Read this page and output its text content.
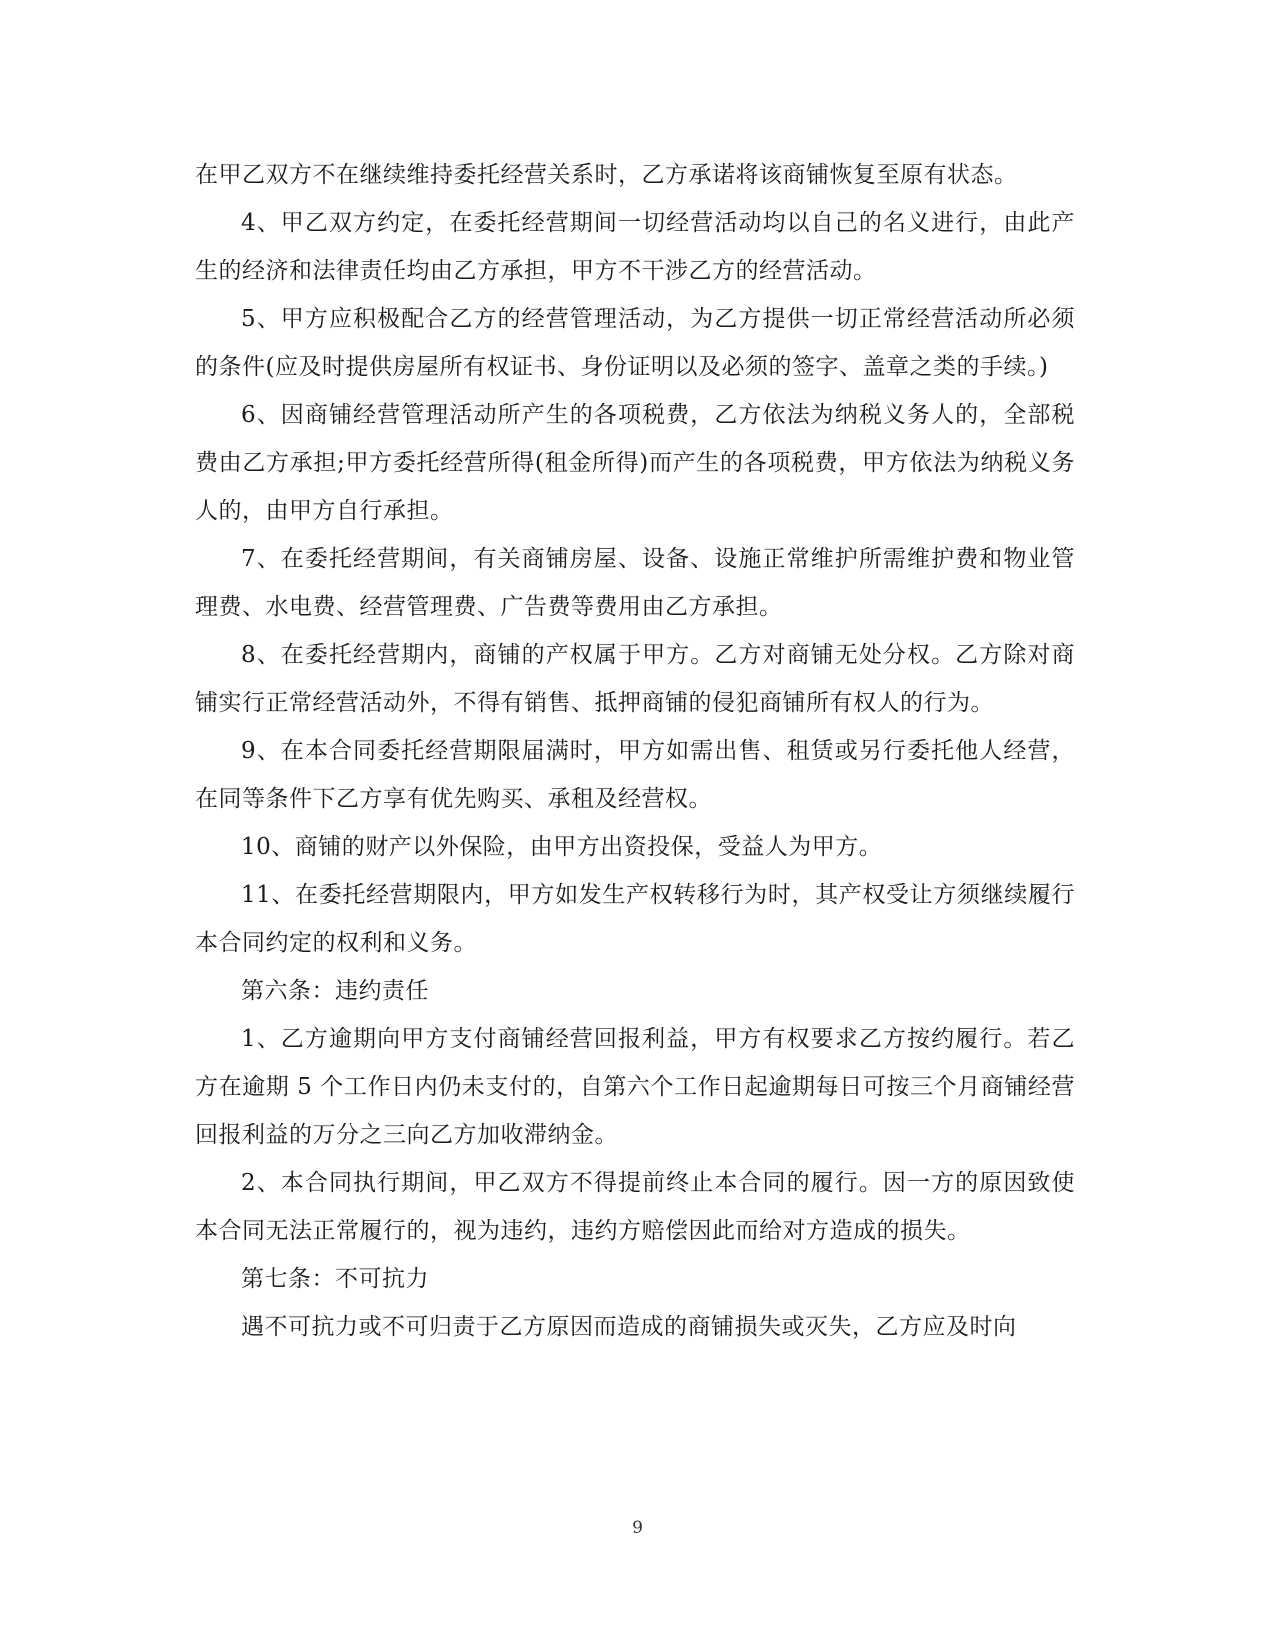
在甲乙双方不在继续维持委托经营关系时，乙方承诺将该商铺恢复至原有状态。

4、甲乙双方约定，在委托经营期间一切经营活动均以自己的名义进行，由此产生的经济和法律责任均由乙方承担，甲方不干涉乙方的经营活动。

5、甲方应积极配合乙方的经营管理活动，为乙方提供一切正常经营活动所必须的条件(应及时提供房屋所有权证书、身份证明以及必须的签字、盖章之类的手续。)

6、因商铺经营管理活动所产生的各项税费，乙方依法为纳税义务人的，全部税费由乙方承担;甲方委托经营所得(租金所得)而产生的各项税费，甲方依法为纳税义务人的，由甲方自行承担。

7、在委托经营期间，有关商铺房屋、设备、设施正常维护所需维护费和物业管理费、水电费、经营管理费、广告费等费用由乙方承担。

8、在委托经营期内，商铺的产权属于甲方。乙方对商铺无处分权。乙方除对商铺实行正常经营活动外，不得有销售、抵押商铺的侵犯商铺所有权人的行为。

9、在本合同委托经营期限届满时，甲方如需出售、租赁或另行委托他人经营，在同等条件下乙方享有优先购买、承租及经营权。

10、商铺的财产以外保险，由甲方出资投保，受益人为甲方。

11、在委托经营期限内，甲方如发生产权转移行为时，其产权受让方须继续履行本合同约定的权利和义务。

第六条：违约责任

1、乙方逾期向甲方支付商铺经营回报利益，甲方有权要求乙方按约履行。若乙方在逾期 5 个工作日内仍未支付的，自第六个工作日起逾期每日可按三个月商铺经营回报利益的万分之三向乙方加收滞纳金。

2、本合同执行期间，甲乙双方不得提前终止本合同的履行。因一方的原因致使本合同无法正常履行的，视为违约，违约方赔偿因此而给对方造成的损失。

第七条：不可抗力

遇不可抗力或不可归责于乙方原因而造成的商铺损失或灭失，乙方应及时向

9
